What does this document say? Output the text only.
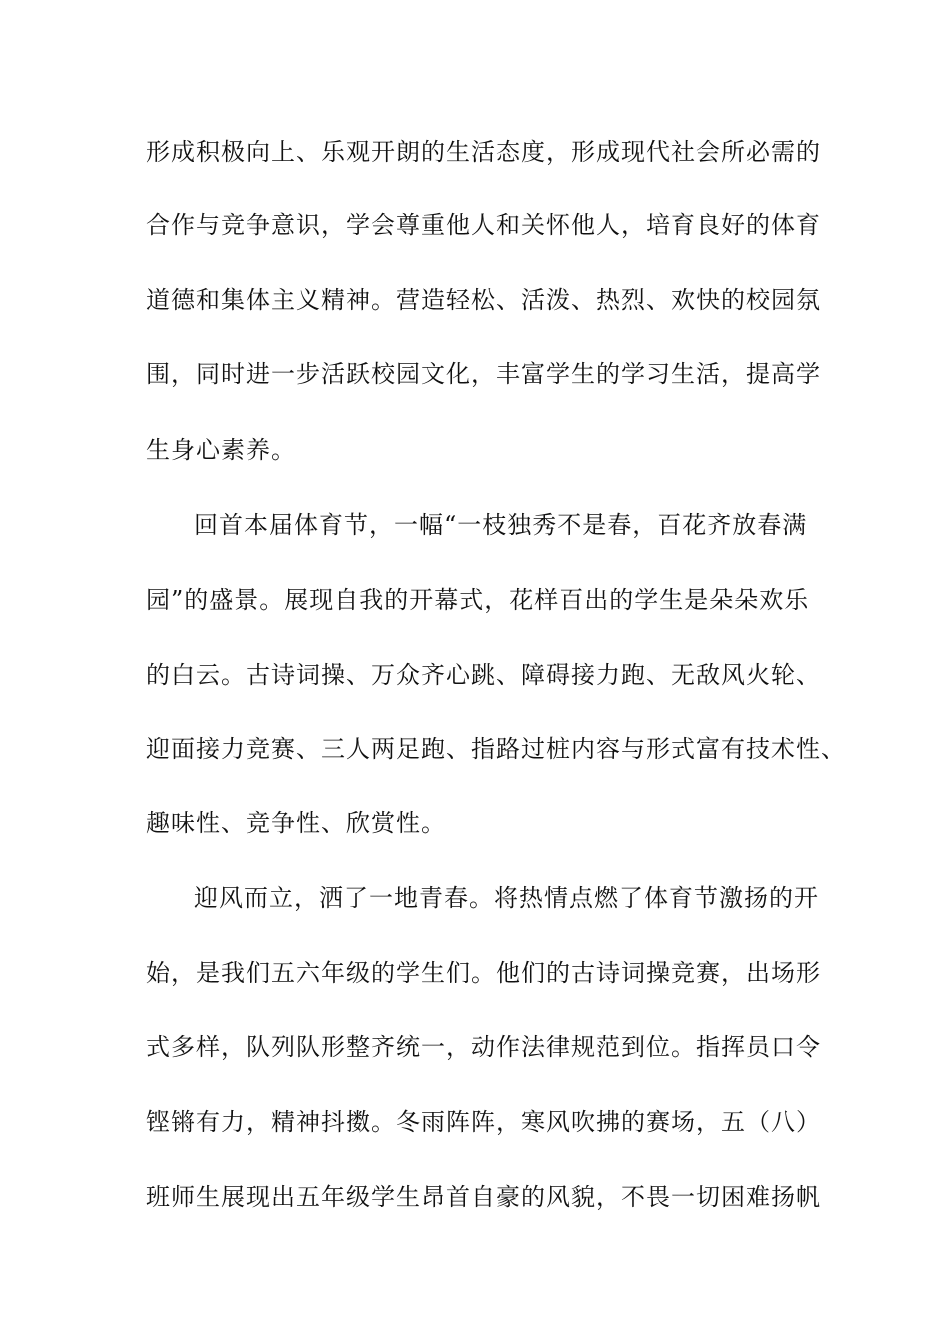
形成积极向上、乐观开朗的生活态度，形成现代社会所必需的
合作与竞争意识，学会尊重他人和关怀他人，培育良好的体育
道德和集体主义精神。营造轻松、活泼、热烈、欢快的校园氛
围，同时进一步活跃校园文化，丰富学生的学习生活，提高学
生身心素养。
回首本届体育节，一幅“一枝独秀不是春，百花齐放春满
园”的盛景。展现自我的开幕式，花样百出的学生是朵朵欢乐
的白云。古诗词操、万众齐心跳、障碍接力跑、无敌风火轮、
迎面接力竞赛、三人两足跑、指路过桩内容与形式富有技术性、
趣味性、竞争性、欣赏性。
迎风而立，洒了一地青春。将热情点燃了体育节激扬的开
始，是我们五六年级的学生们。他们的古诗词操竞赛，出场形
式多样，队列队形整齐统一，动作法律规范到位。指挥员口令
铿锵有力，精神抖擞。冬雨阵阵，寒风吹拂的赛场，五（八）
班师生展现出五年级学生昂首自豪的风貌，不畏一切困难扬帆
